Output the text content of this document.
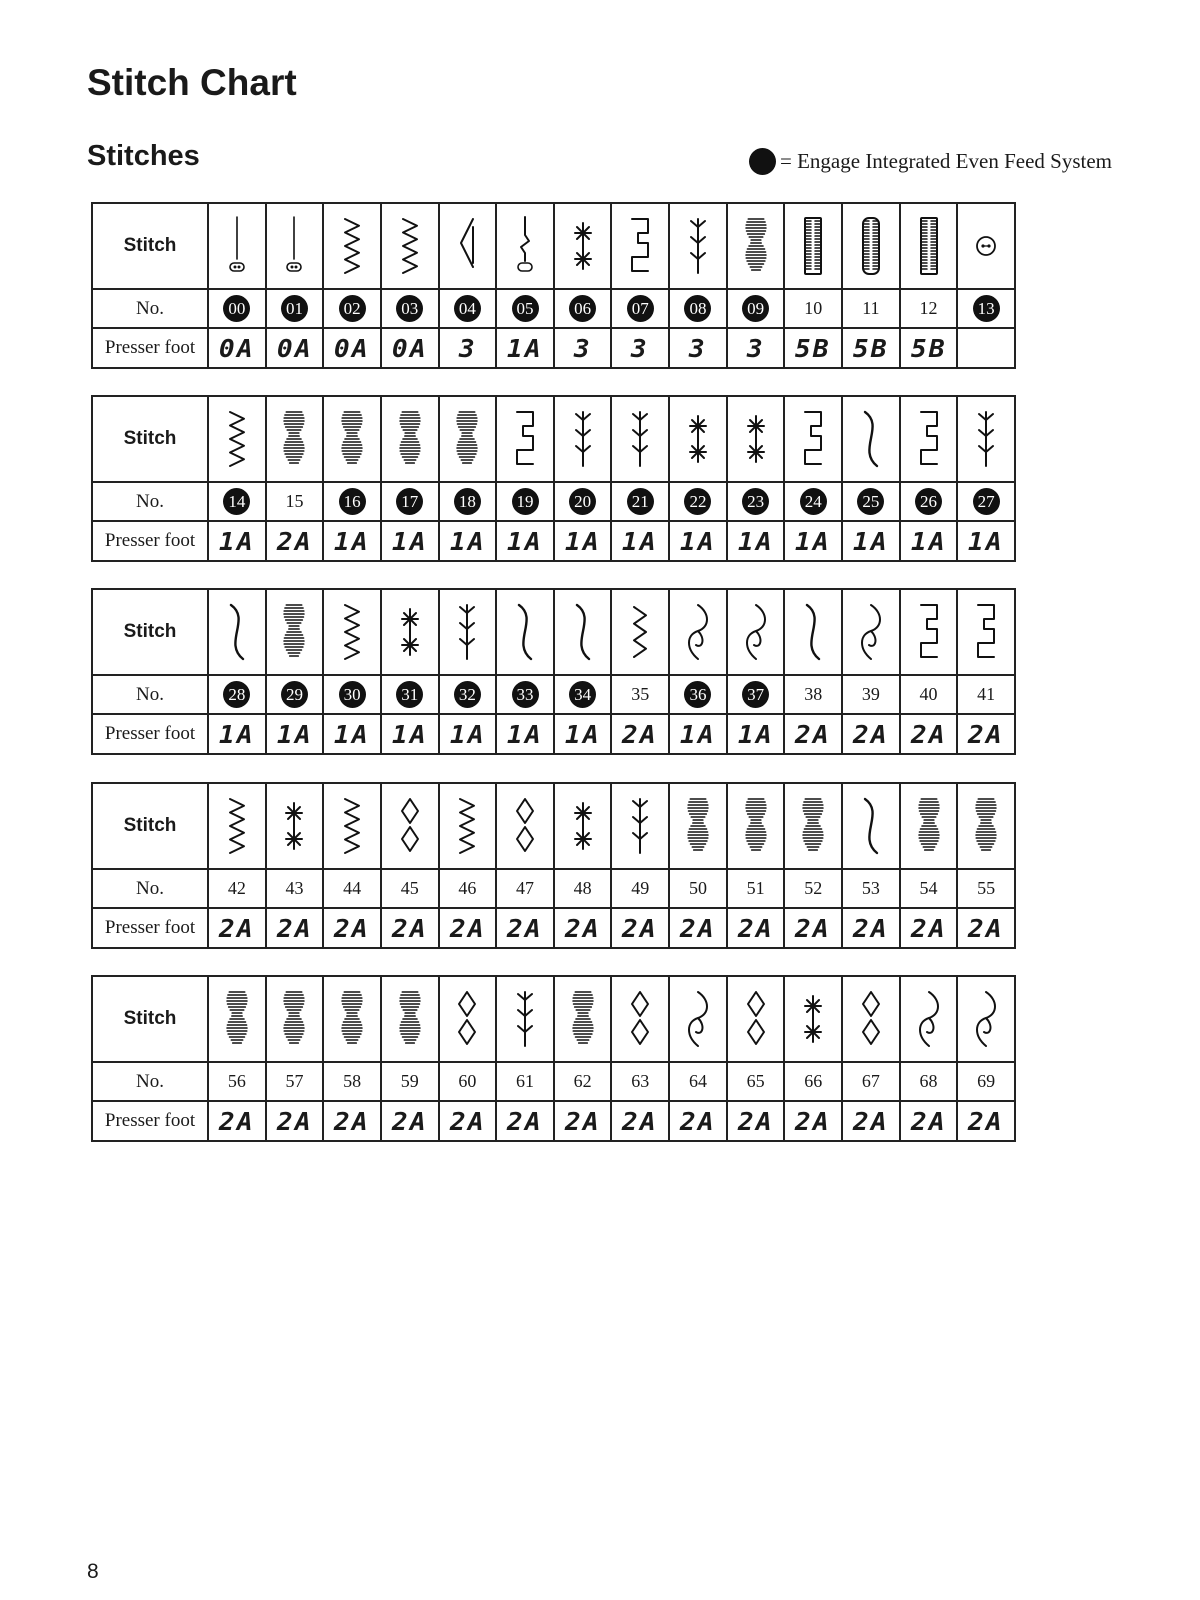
Stitch Chart
Stitches	= Engage Integrated Even Feed System
Stitch	

No.	00	01	02	03	04	05	06	07	08	09	10	11	12	13
Presser foot	0A	0A	0A	0A	3	1A	3	3	3	3	5B	5B	5B	
Stitch	

No.	14	15	16	17	18	19	20	21	22	23	24	25	26	27
Presser foot	1A	2A	1A	1A	1A	1A	1A	1A	1A	1A	1A	1A	1A	1A
Stitch	

No.	28	29	30	31	32	33	34	35	36	37	38	39	40	41
Presser foot	1A	1A	1A	1A	1A	1A	1A	2A	1A	1A	2A	2A	2A	2A
Stitch	

No.	42	43	44	45	46	47	48	49	50	51	52	53	54	55
Presser foot	2A	2A	2A	2A	2A	2A	2A	2A	2A	2A	2A	2A	2A	2A
Stitch	

No.	56	57	58	59	60	61	62	63	64	65	66	67	68	69
Presser foot	2A	2A	2A	2A	2A	2A	2A	2A	2A	2A	2A	2A	2A	2A
8
